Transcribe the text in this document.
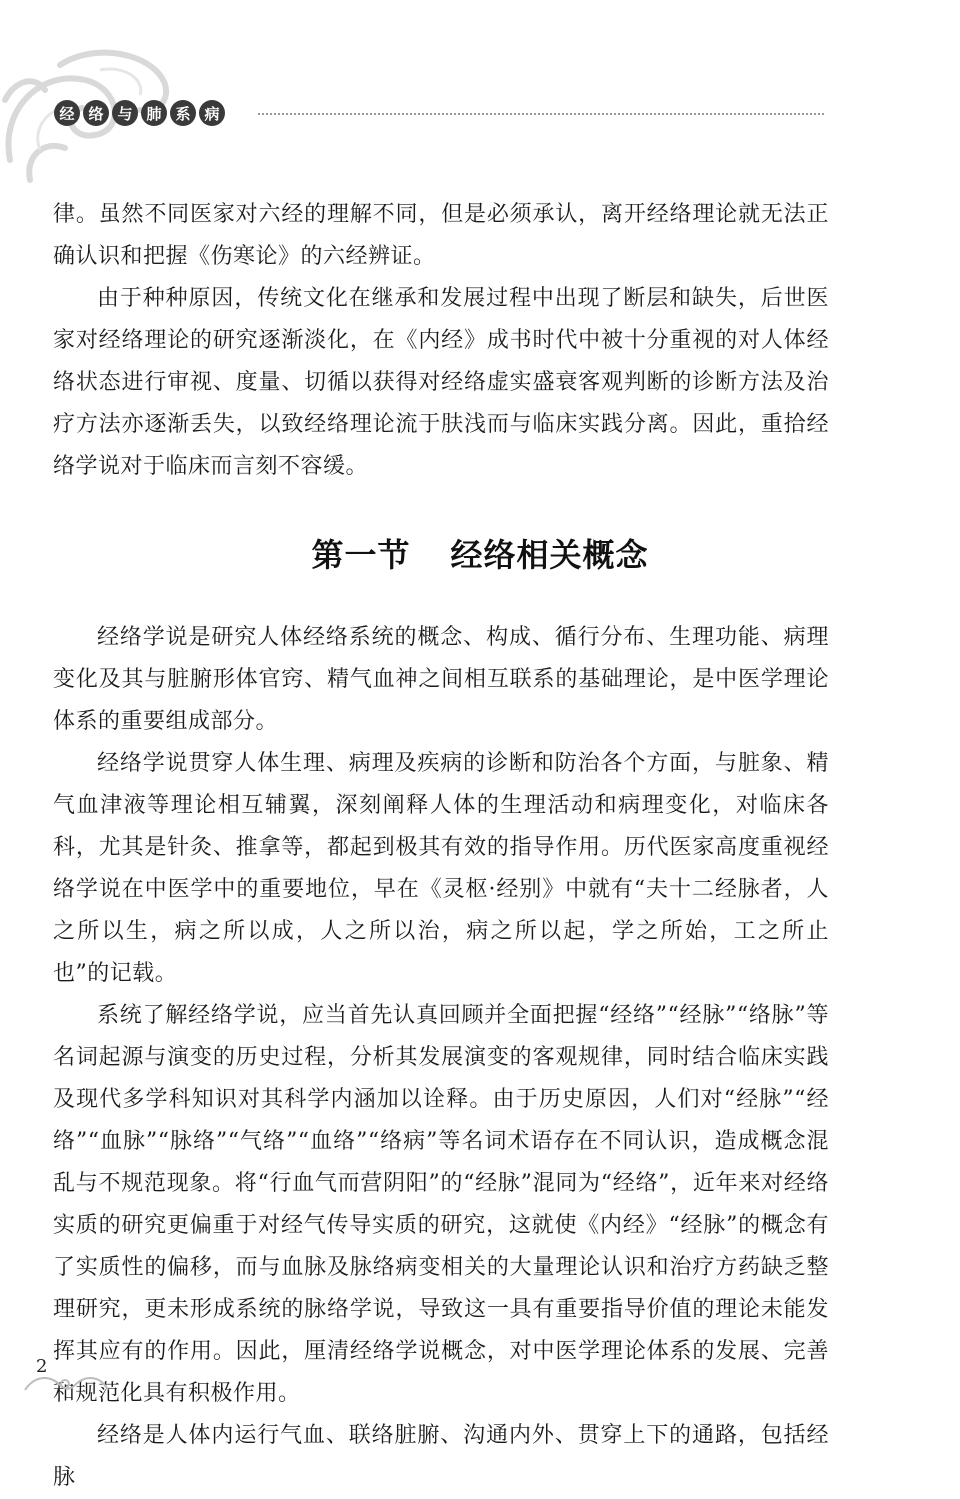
经 络 与 肺 系 病

律。虽然不同医家对六经的理解不同，但是必须承认，离开经络理论就无法正确认识和把握《伤寒论》的六经辨证。

由于种种原因，传统文化在继承和发展过程中出现了断层和缺失，后世医家对经络理论的研究逐渐淡化，在《内经》成书时代中被十分重视的对人体经络状态进行审视、度量、切循以获得对经络虚实盛衰客观判断的诊断方法及治疗方法亦逐渐丢失，以致经络理论流于肤浅而与临床实践分离。因此，重拾经络学说对于临床而言刻不容缓。

第一节 经络相关概念

经络学说是研究人体经络系统的概念、构成、循行分布、生理功能、病理变化及其与脏腑形体官窍、精气血神之间相互联系的基础理论，是中医学理论体系的重要组成部分。

经络学说贯穿人体生理、病理及疾病的诊断和防治各个方面，与脏象、精气血津液等理论相互辅翼，深刻阐释人体的生理活动和病理变化，对临床各科，尤其是针灸、推拿等，都起到极其有效的指导作用。历代医家高度重视经络学说在中医学中的重要地位，早在《灵枢·经别》中就有“夫十二经脉者，人之所以生，病之所以成，人之所以治，病之所以起，学之所始，工之所止也”的记载。

系统了解经络学说，应当首先认真回顾并全面把握“经络”“经脉”“络脉”等名词起源与演变的历史过程，分析其发展演变的客观规律，同时结合临床实践及现代多学科知识对其科学内涵加以诠释。由于历史原因，人们对“经脉”“经络”“血脉”“脉络”“气络”“血络”“络病”等名词术语存在不同认识，造成概念混乱与不规范现象。将“行血气而营阴阳”的“经脉”混同为“经络”，近年来对经络实质的研究更偏重于对经气传导实质的研究，这就使《内经》“经脉”的概念有了实质性的偏移，而与血脉及脉络病变相关的大量理论认识和治疗方药缺乏整理研究，更未形成系统的脉络学说，导致这一具有重要指导价值的理论未能发挥其应有的作用。因此，厘清经络学说概念，对中医学理论体系的发展、完善和规范化具有积极作用。

经络是人体内运行气血、联络脏腑、沟通内外、贯穿上下的通路，包括经脉

2
